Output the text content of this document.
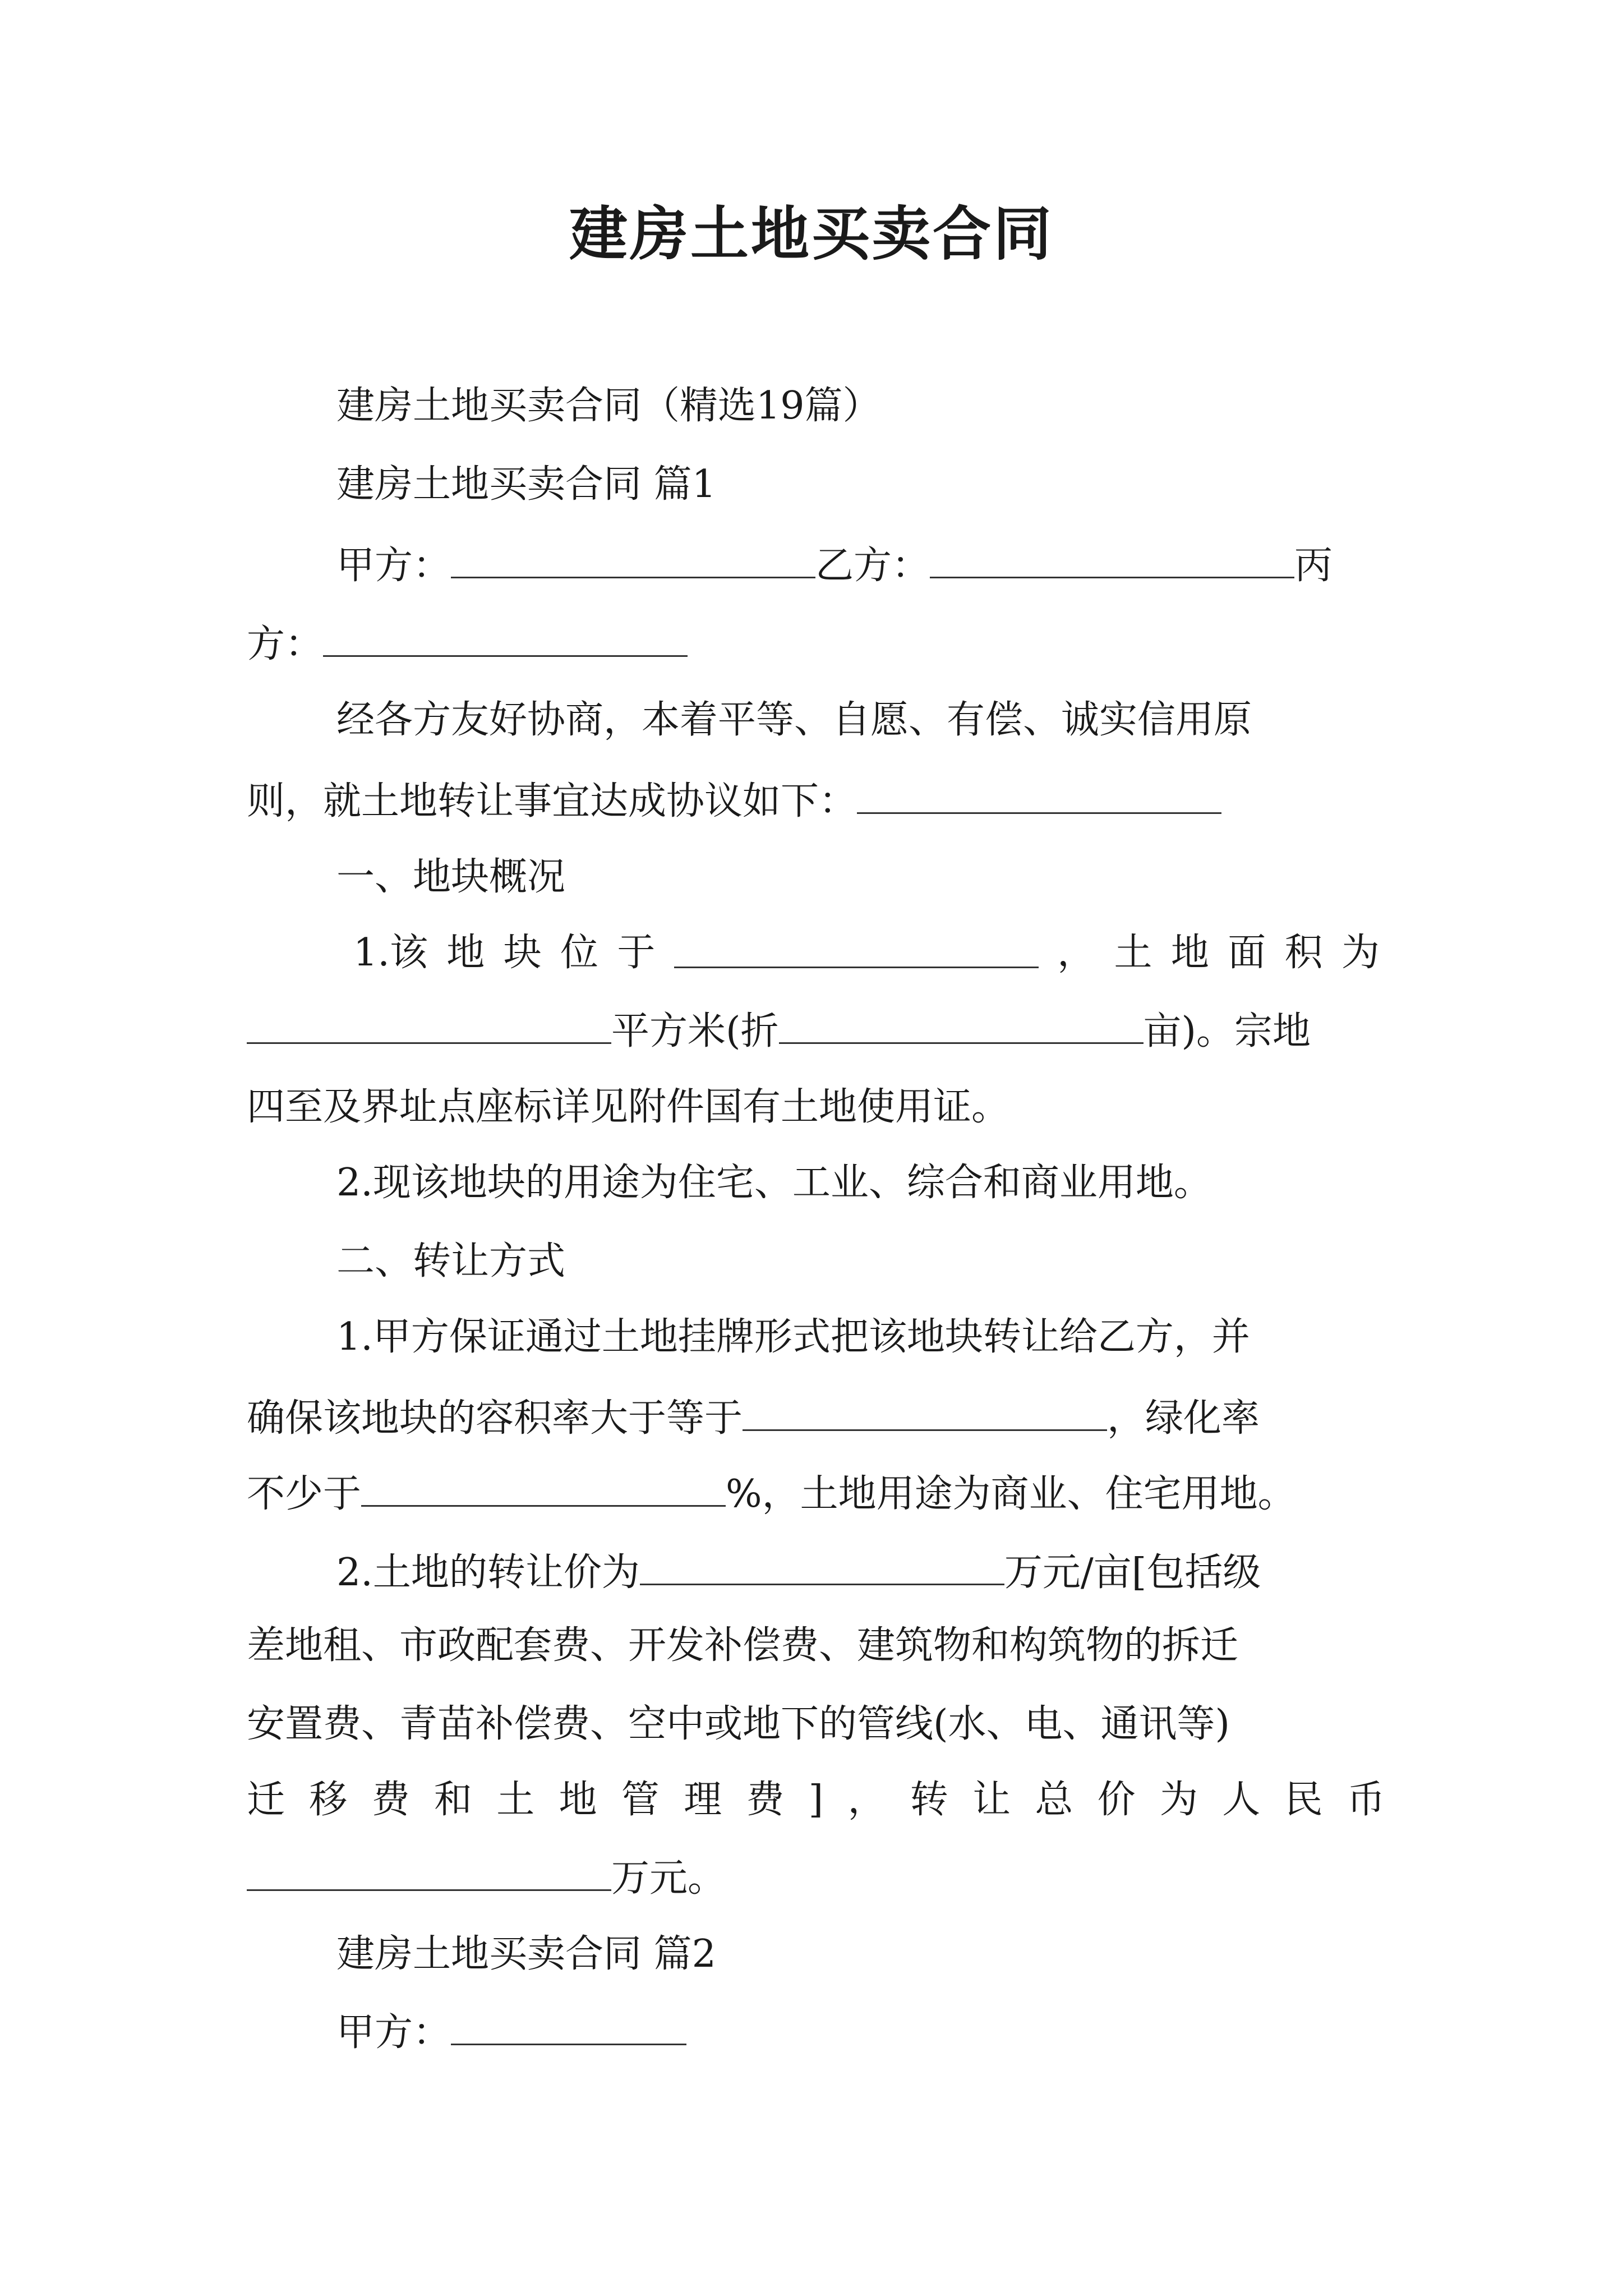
建房土地买卖合同
建房土地买卖合同（精选19篇）
建房土地买卖合同 篇1
甲方：	乙方：	丙
方：
经各方友好协商，本着平等、自愿、有偿、诚实信用原
则，就土地转让事宜达成协议如下：
一、地块概况
1.该 地 块 位 于	， 土 地 面 积 为
平方米(折	亩)。宗地
四至及界址点座标详见附件国有土地使用证。
2.现该地块的用途为住宅、工业、综合和商业用地。
二、转让方式
1.甲方保证通过土地挂牌形式把该地块转让给乙方，并
确保该地块的容积率大于等于	，绿化率
不少于	%，土地用途为商业、住宅用地。
2.土地的转让价为	万元/亩[包括级
差地租、市政配套费、开发补偿费、建筑物和构筑物的拆迁
安置费、青苗补偿费、空中或地下的管线(水、电、通讯等)
迁 移 费 和 土 地 管 理 费 ] ， 转 让 总 价 为 人 民 币
万元。
建房土地买卖合同 篇2
甲方：
